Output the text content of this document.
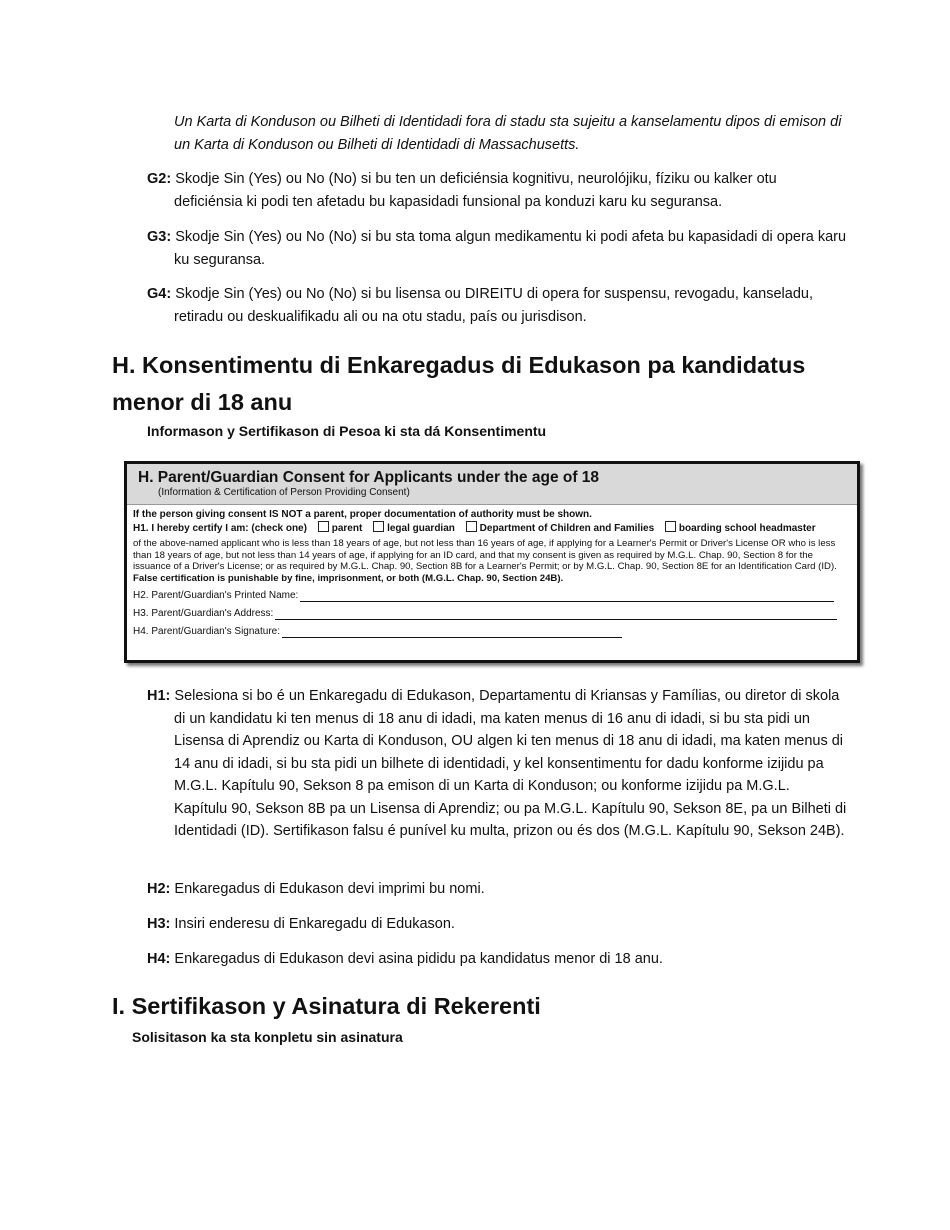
Un Karta di Konduson ou Bilheti di Identidadi fora di stadu sta sujeitu a kanselamentu dipos di emison di un Karta di Konduson ou Bilheti di Identidadi di Massachusetts.
G2: Skodje Sin (Yes) ou No (No) si bu ten un deficiénsia kognitivu, neurolójiku, fíziku ou kalker otu deficiénsia ki podi ten afetadu bu kapasidadi funsional pa konduzi karu ku seguransa.
G3: Skodje Sin (Yes) ou No (No) si bu sta toma algun medikamentu ki podi afeta bu kapasidadi di opera karu ku seguransa.
G4: Skodje Sin (Yes) ou No (No) si bu lisensa ou DIREITU di opera for suspensu, revogadu, kanseladu, retiradu ou deskualifikadu ali ou na otu stadu, país ou jurisdison.
H. Konsentimentu di Enkaregadus di Edukason pa kandidatus menor di 18 anu
Informason y Sertifikason di Pesoa ki sta dá Konsentimentu
H. Parent/Guardian Consent for Applicants under the age of 18
(Information & Certification of Person Providing Consent)
If the person giving consent IS NOT a parent, proper documentation of authority must be shown.
H1. I hereby certify I am: (check one) parent legal guardian Department of Children and Families boarding school headmaster
of the above-named applicant who is less than 18 years of age, but not less than 16 years of age, if applying for a Learner's Permit or Driver's License OR who is less than 18 years of age, but not less than 14 years of age, if applying for an ID card, and that my consent is given as required by M.G.L. Chap. 90, Section 8 for the issuance of a Driver's License; or as required by M.G.L. Chap. 90, Section 8B for a Learner's Permit; or by M.G.L. Chap. 90, Section 8E for an Identification Card (ID). False certification is punishable by fine, imprisonment, or both (M.G.L. Chap. 90, Section 24B).
H2. Parent/Guardian's Printed Name:
H3. Parent/Guardian's Address:
H4. Parent/Guardian's Signature:
H1: Selesiona si bo é un Enkaregadu di Edukason, Departamentu di Kriansas y Famílias, ou diretor di skola di un kandidatu ki ten menus di 18 anu di idadi, ma katen menus di 16 anu di idadi, si bu sta pidi un Lisensa di Aprendiz ou Karta di Konduson, OU algen ki ten menus di 18 anu di idadi, ma katen menus di 14 anu di idadi, si bu sta pidi un bilhete di identidadi, y kel konsentimentu for dadu konforme izijidu pa M.G.L. Kapítulu 90, Sekson 8 pa emison di un Karta di Konduson; ou konforme izijidu pa M.G.L. Kapítulu 90, Sekson 8B pa un Lisensa di Aprendiz; ou pa M.G.L. Kapítulu 90, Sekson 8E, pa un Bilheti di Identidadi (ID). Sertifikason falsu é punível ku multa, prizon ou és dos (M.G.L. Kapítulu 90, Sekson 24B).
H2: Enkaregadus di Edukason devi imprimi bu nomi.
H3: Insiri enderesu di Enkaregadu di Edukason.
H4: Enkaregadus di Edukason devi asina pididu pa kandidatus menor di 18 anu.
I. Sertifikason y Asinatura di Rekerenti
Solisitason ka sta konpletu sin asinatura
